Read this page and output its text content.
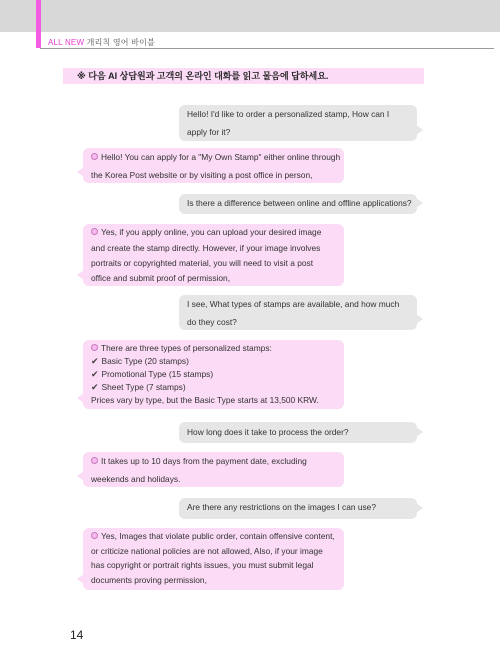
ALL NEW 개리칙 영어 바이블
※ 다음 AI 상담원과 고객의 온라인 대화를 읽고 물음에 답하세요.
Hello! I'd like to order a personalized stamp, How can I
apply for it?
Hello! You can apply for a "My Own Stamp" either online through
the Korea Post website or by visiting a post office in person,
Is there a difference between online and offline applications?
Yes, if you apply online, you can upload your desired image
and create the stamp directly. However, if your image involves
portraits or copyrighted material, you will need to visit a post
office and submit proof of permission,
I see, What types of stamps are available, and how much
do they cost?
There are three types of personalized stamps:
✔ Basic Type (20 stamps)
✔ Promotional Type (15 stamps)
✔ Sheet Type (7 stamps)
Prices vary by type, but the Basic Type starts at 13,500 KRW.
How long does it take to process the order?
It takes up to 10 days from the payment date, excluding
weekends and holidays.
Are there any restrictions on the images I can use?
Yes, Images that violate public order, contain offensive content,
or criticize national policies are not allowed, Also, if your image
has copyright or portrait rights issues, you must submit legal
documents proving permission,
14
